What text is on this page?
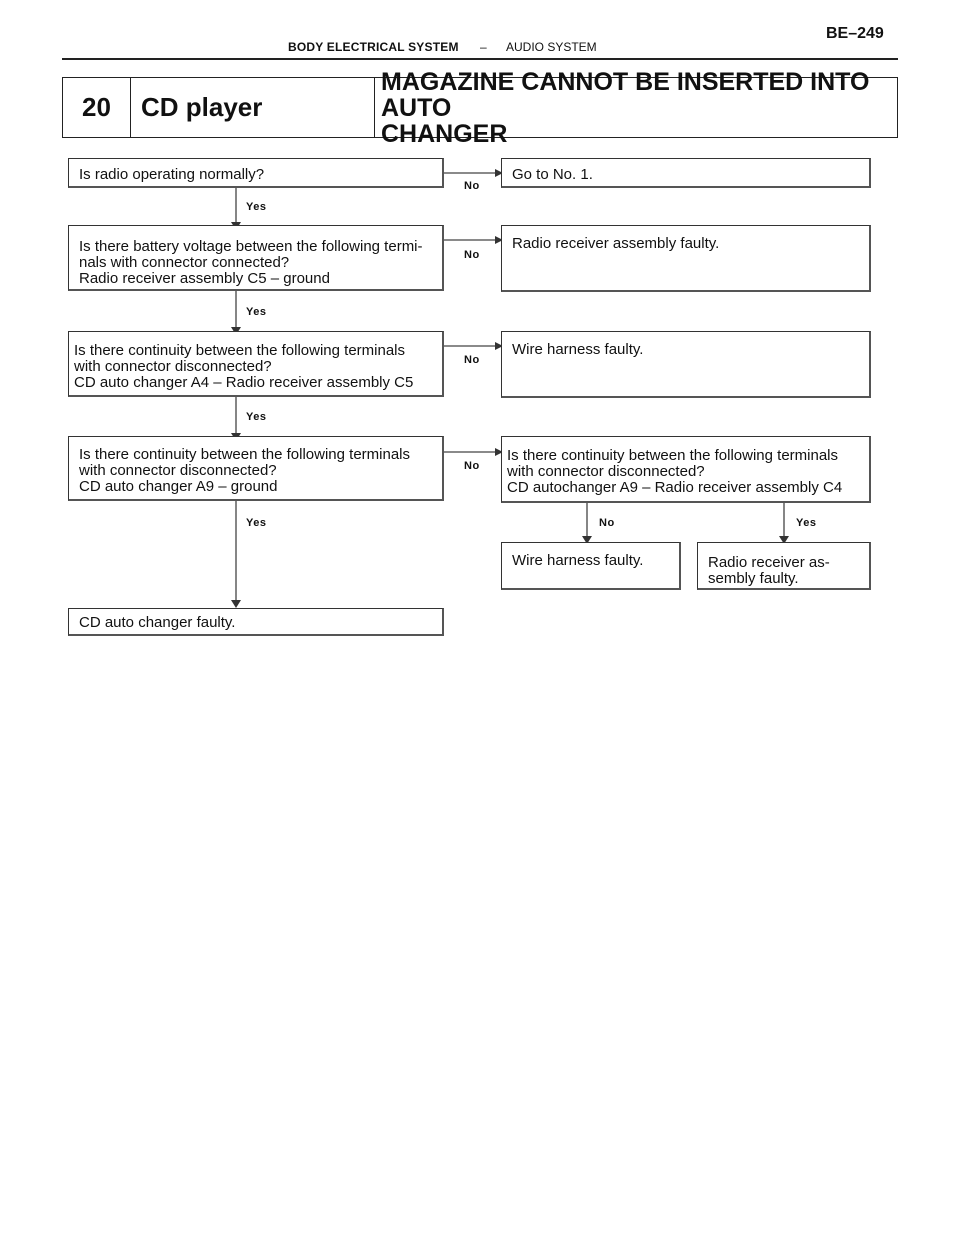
BODY ELECTRICAL SYSTEM – AUDIO SYSTEM
BE–249
20	CD player
MAGAZINE CANNOT BE INSERTED INTO AUTO
CHANGER
Yes
Yes
Yes
Yes
No
No
No
No
No	Yes
Is radio operating normally?	Go to No. 1.
Is there battery voltage between the following termi-
nals with connector connected?
Radio receiver assembly C5 – ground
Radio receiver assembly faulty.
Is there continuity between the following terminals
with connector disconnected?
CD auto changer A4 – Radio receiver assembly C5
Wire harness faulty.
Is there continuity between the following terminals
with connector disconnected?
CD auto changer A9 – ground
Is there continuity between the following terminals
with connector disconnected?
CD autochanger A9 – Radio receiver assembly C4
Wire harness faulty.	Radio receiver as-
sembly faulty.
CD auto changer faulty.
